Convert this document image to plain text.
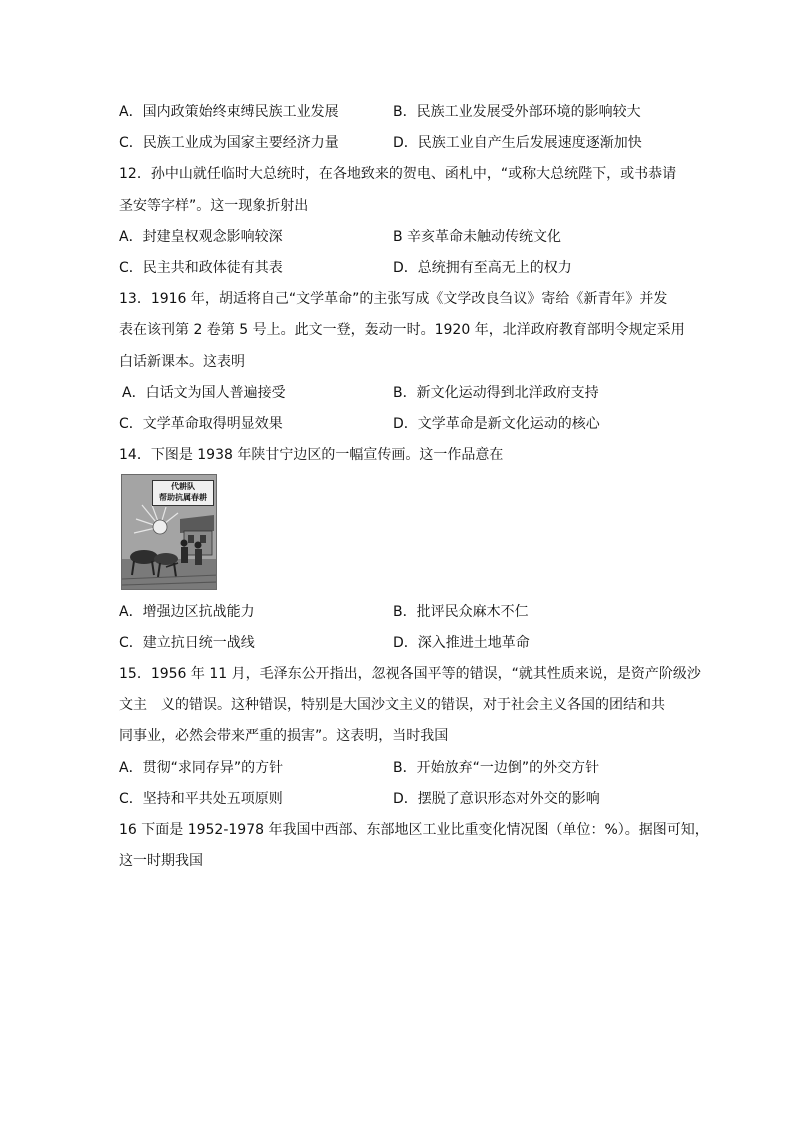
A．国内政策始终束缚民族工业发展	B．民族工业发展受外部环境的影响较大
C．民族工业成为国家主要经济力量	D．民族工业自产生后发展速度逐渐加快
12．孙中山就任临时大总统时，在各地致来的贺电、函札中，“或称大总统陛下，或书恭请
圣安等字样”。这一现象折射出
A．封建皇权观念影响较深	B 辛亥革命未触动传统文化
C．民主共和政体徒有其表	D．总统拥有至高无上的权力
13．1916 年，胡适将自己“文学革命”的主张写成《文学改良刍议》寄给《新青年》并发
表在该刊第 2 卷第 5 号上。此文一登，轰动一时。1920 年，北洋政府教育部明令规定采用
白话新课本。这表明
A．白话文为国人普遍接受	B．新文化运动得到北洋政府支持
C．文学革命取得明显效果	D．文学革命是新文化运动的核心
14．下图是 1938 年陕甘宁边区的一幅宣传画。这一作品意在
代耕队
帮助抗属春耕
A．增强边区抗战能力	B．批评民众麻木不仁
C．建立抗日统一战线	D．深入推进土地革命
15．1956 年 11 月，毛泽东公开指出，忽视各国平等的错误，“就其性质来说，是资产阶级沙
文主　义的错误。这种错误，特别是大国沙文主义的错误，对于社会主义各国的团结和共
同事业，必然会带来严重的损害”。这表明，当时我国
A．贯彻“求同存异”的方针	B．开始放弃“一边倒”的外交方针
C．坚持和平共处五项原则	D．摆脱了意识形态对外交的影响
16 下面是 1952-1978 年我国中西部、东部地区工业比重变化情况图（单位：%）。据图可知，
这一时期我国
